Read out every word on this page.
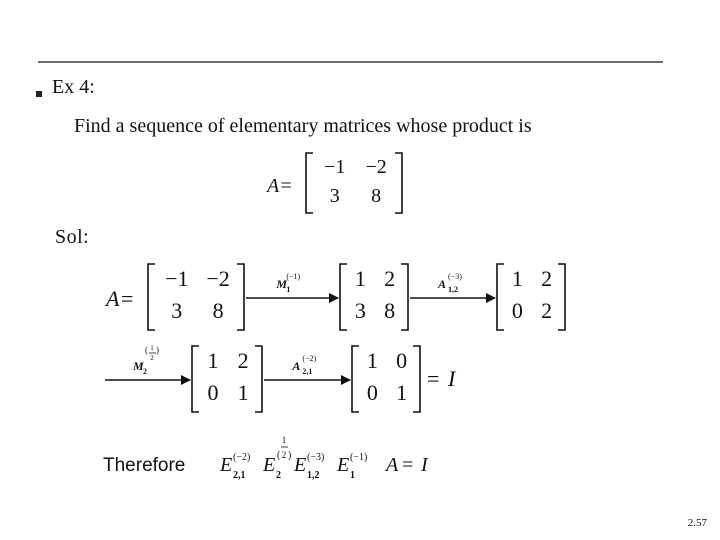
Ex 4:
Find a sequence of elementary matrices whose product is
Sol:
2.57
A=
−1 −2
3 8
A=
−1 −2
3 8
M 1
(−1) 1 2
3 8
A 1,2
(−3) 1 2
0 2
M 2
( 1
2
) 1 2
0 1
A 2,1
(−2) 1 0
0 1
= I
E 2,1
(−2) E 2
(
1
2 ) E 1,2
(−3) E 1
(−1) A = I
Therefore
